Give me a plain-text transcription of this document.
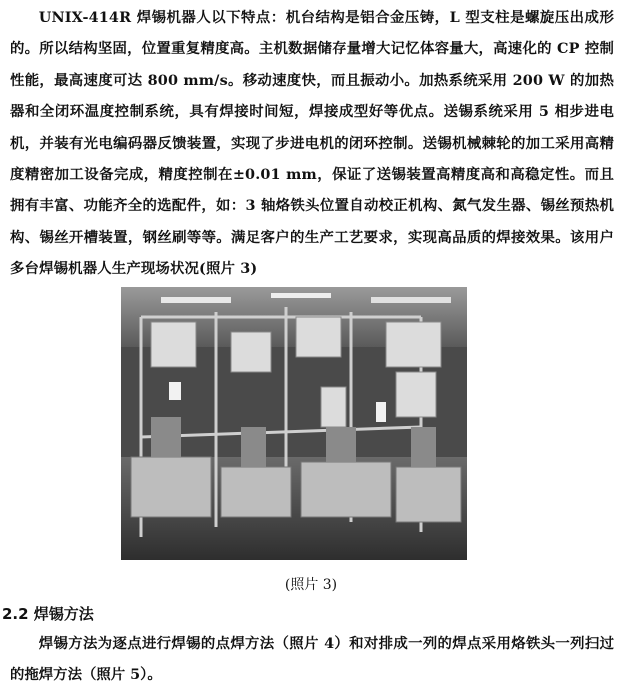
UNIX-414R 焊锡机器人以下特点：机台结构是铝合金压铸，L 型支柱是螺旋压出成形的。所以结构坚固，位置重复精度高。主机数据储存量增大记忆体容量大，高速化的 CP 控制性能，最高速度可达 800 mm/s。移动速度快，而且振动小。加热系统采用 200 W 的加热器和全闭环温度控制系统，具有焊接时间短，焊接成型好等优点。送锡系统采用 5 相步进电机，并装有光电编码器反馈装置，实现了步进电机的闭环控制。送锡机械棘轮的加工采用高精度精密加工设备完成，精度控制在±0.01 mm，保证了送锡装置高精度高和高稳定性。而且拥有丰富、功能齐全的选配件，如：3 轴烙铁头位置自动校正机构、氮气发生器、锡丝预热机构、锡丝开槽装置，钢丝刷等等。满足客户的生产工艺要求，实现高品质的焊接效果。该用户多台焊锡机器人生产现场状况(照片 3)

(照片 3)
2.2 焊锡方法

焊锡方法为逐点进行焊锡的点焊方法（照片 4）和对排成一列的焊点采用烙铁头一列扫过的拖焊方法（照片 5）。
